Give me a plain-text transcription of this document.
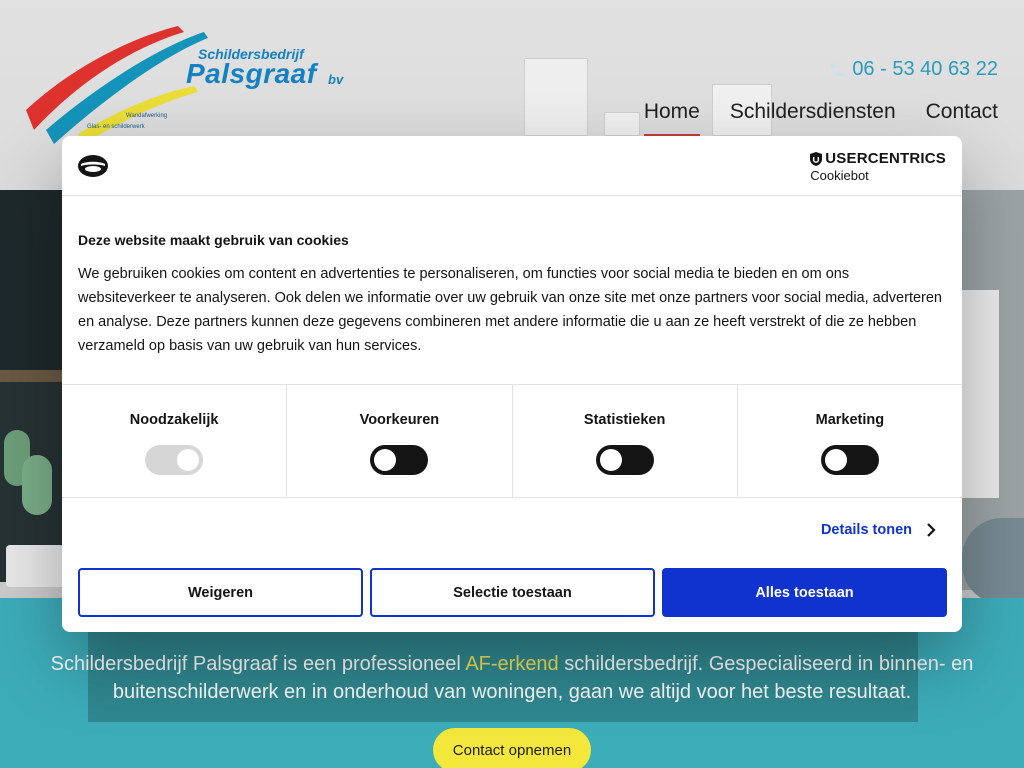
Schildersbedrijf
Palsgraaf bv
Wandafwerking
Glas- en schilderwerk
06 - 53 40 63 22
Home Schildersdiensten Contact
Schildersbedrijf Palsgraaf is een professioneel AF-erkend schildersbedrijf. Gespecialiseerd in binnen- en buitenschilderwerk en in onderhoud van woningen, gaan we altijd voor het beste resultaat.
Contact opnemen
USERCENTRICS
Cookiebot
Deze website maakt gebruik van cookies
We gebruiken cookies om content en advertenties te personaliseren, om functies voor social media te bieden en om ons websiteverkeer te analyseren. Ook delen we informatie over uw gebruik van onze site met onze partners voor social media, adverteren en analyse. Deze partners kunnen deze gegevens combineren met andere informatie die u aan ze heeft verstrekt of die ze hebben verzameld op basis van uw gebruik van hun services.
Noodzakelijk	Voorkeuren	Statistieken	Marketing
Details tonen
Weigeren	Selectie toestaan	Alles toestaan
